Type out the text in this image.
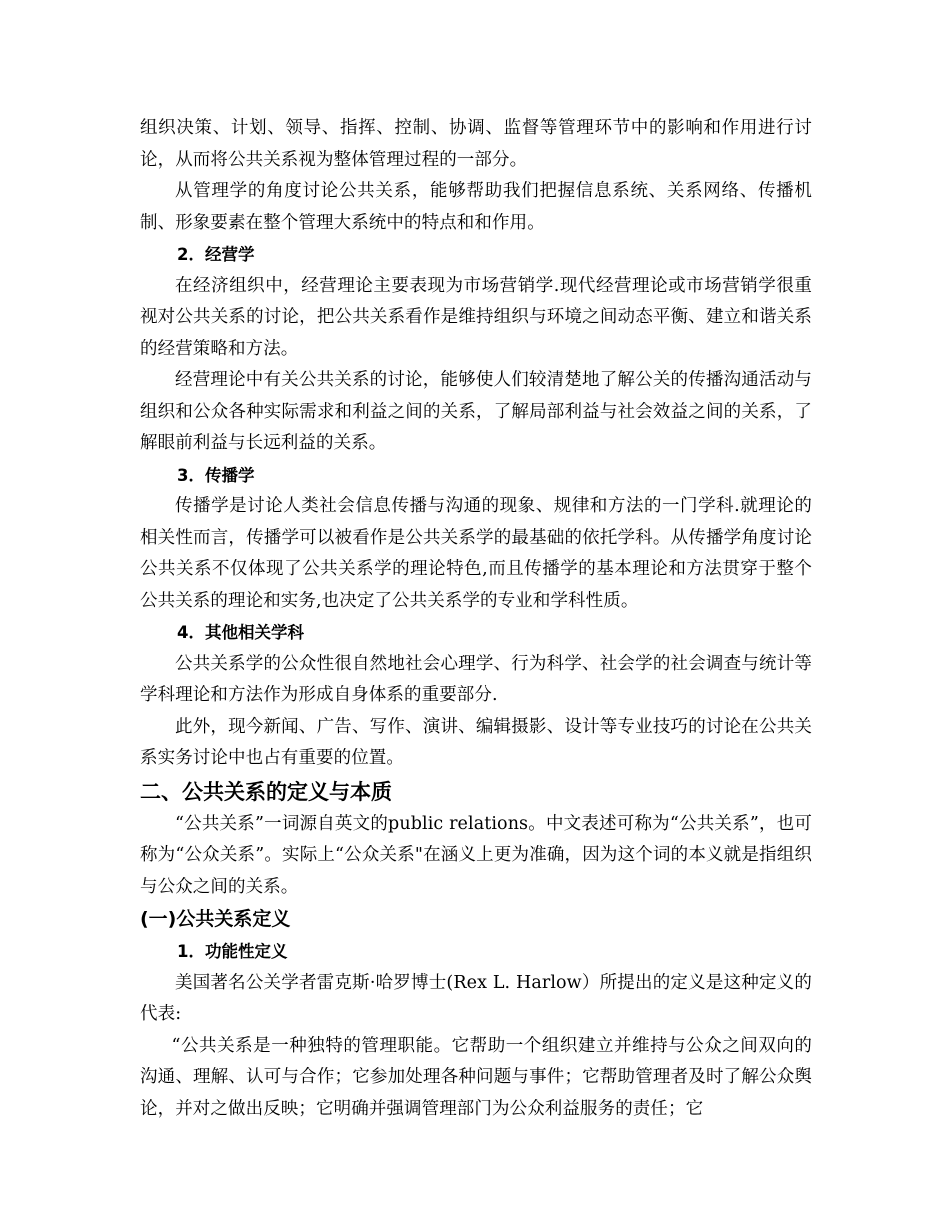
组织决策、计划、领导、指挥、控制、协调、监督等管理环节中的影响和作用进行讨论，从而将公共关系视为整体管理过程的一部分。

从管理学的角度讨论公共关系，能够帮助我们把握信息系统、关系网络、传播机制、形象要素在整个管理大系统中的特点和和作用。

2．经营学

在经济组织中，经营理论主要表现为市场营销学.现代经营理论或市场营销学很重视对公共关系的讨论，把公共关系看作是维持组织与环境之间动态平衡、建立和谐关系的经营策略和方法。

经营理论中有关公共关系的讨论，能够使人们较清楚地了解公关的传播沟通活动与组织和公众各种实际需求和利益之间的关系，了解局部利益与社会效益之间的关系，了解眼前利益与长远利益的关系。

3．传播学

传播学是讨论人类社会信息传播与沟通的现象、规律和方法的一门学科.就理论的相关性而言，传播学可以被看作是公共关系学的最基础的依托学科。从传播学角度讨论公共关系不仅体现了公共关系学的理论特色,而且传播学的基本理论和方法贯穿于整个公共关系的理论和实务,也决定了公共关系学的专业和学科性质。

4．其他相关学科

公共关系学的公众性很自然地社会心理学、行为科学、社会学的社会调查与统计等学科理论和方法作为形成自身体系的重要部分.

此外，现今新闻、广告、写作、演讲、编辑摄影、设计等专业技巧的讨论在公共关系实务讨论中也占有重要的位置。

二、公共关系的定义与本质

“公共关系”一词源自英文的public relations。中文表述可称为“公共关系”，也可称为“公众关系”。实际上“公众关系"在涵义上更为准确，因为这个词的本义就是指组织与公众之间的关系。

(一)公共关系定义

1．功能性定义

美国著名公关学者雷克斯·哈罗博士(Rex L. Harlow）所提出的定义是这种定义的代表:

“公共关系是一种独特的管理职能。它帮助一个组织建立并维持与公众之间双向的沟通、理解、认可与合作；它参加处理各种问题与事件；它帮助管理者及时了解公众舆论，并对之做出反映；它明确并强调管理部门为公众利益服务的责任；它
